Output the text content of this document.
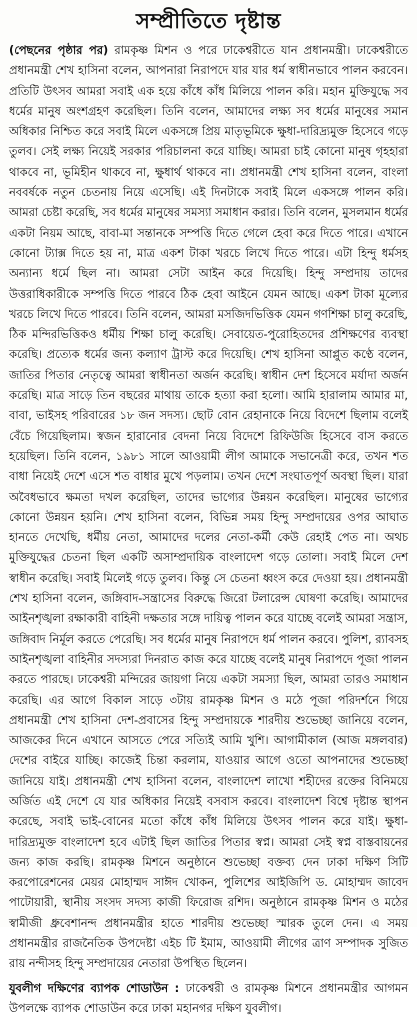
সম্প্রীতিতে দৃষ্টান্ত
(পেছনের পৃষ্ঠার পর) রামকৃষ্ণ মিশন ও পরে ঢাকেশ্বরীতে যান প্রধানমন্ত্রী। ঢাকেশ্বরীতে প্রধানমন্ত্রী শেখ হাসিনা বলেন, আপনারা নিরাপদে যার যার ধর্ম স্বাধীনভাবে পালন করবেন। প্রতিটি উৎসব আমরা সবাই এক হয়ে কাঁধে কাঁধ মিলিয়ে পালন করি। মহান মুক্তিযুদ্ধে সব ধর্মের মানুষ অংশগ্রহণ করেছিল। তিনি বলেন, আমাদের লক্ষ্য সব ধর্মের মানুষের সমান অধিকার নিশ্চিত করে সবাই মিলে একসঙ্গে প্রিয় মাতৃভূমিকে ক্ষুধা-দারিদ্র্যমুক্ত হিসেবে গড়ে তুলব। সেই লক্ষ্য নিয়েই সরকার পরিচালনা করে যাচ্ছি। আমরা চাই কোনো মানুষ গৃহহারা থাকবে না, ভূমিহীন থাকবে না, ক্ষুধার্থ থাকবে না। প্রধানমন্ত্রী শেখ হাসিনা বলেন, বাংলা নববর্ষকে নতুন চেতনায় নিয়ে এসেছি। এই দিনটাকে সবাই মিলে একসঙ্গে পালন করি। আমরা চেষ্টা করেছি, সব ধর্মের মানুষের সমস্যা সমাধান করার। তিনি বলেন, মুসলমান ধর্মের একটা নিয়ম আছে, বাবা-মা সন্তানকে সম্পত্তি দিতে গেলে হেবা করে দিতে পারে। এখানে কোনো ট্যাক্স দিতে হয় না, মাত্র একশ টাকা খরচে লিখে দিতে পারে। এটা হিন্দু ধর্মসহ অন্যান্য ধর্মে ছিল না। আমরা সেটা আইন করে দিয়েছি। হিন্দু সম্প্রদায় তাদের উত্তরাধিকারীকে সম্পত্তি দিতে পারবে ঠিক হেবা আইনে যেমন আছে। একশ টাকা মূল্যের খরচে লিখে দিতে পারবে। তিনি বলেন, আমরা মসজিদভিত্তিক যেমন গণশিক্ষা চালু করেছি, ঠিক মন্দিরভিত্তিকও ধর্মীয় শিক্ষা চালু করেছি। সেবায়েত-পুরোহিতদের প্রশিক্ষণের ব্যবস্থা করেছি। প্রত্যেক ধর্মের জন্য কল্যাণ ট্রাস্ট করে দিয়েছি। শেখ হাসিনা আপ্লুত কণ্ঠে বলেন, জাতির পিতার নেতৃত্বে আমরা স্বাধীনতা অর্জন করেছি। স্বাধীন দেশ হিসেবে মর্যাদা অর্জন করেছি। মাত্র সাড়ে তিন বছরের মাথায় তাকে হত্যা করা হলো। আমি হারালাম আমার মা, বাবা, ভাইসহ পরিবারের ১৮ জন সদস্য। ছোট বোন রেহানাকে নিয়ে বিদেশে ছিলাম বলেই বেঁচে গিয়েছিলাম। স্বজন হারানোর বেদনা নিয়ে বিদেশে রিফিউজি হিসেবে বাস করতে হয়েছিল। তিনি বলেন, ১৯৮১ সালে আওয়ামী লীগ আমাকে সভানেত্রী করে, তখন শত বাধা নিয়েই দেশে এসে শত বাধার মুখে পড়লাম। তখন দেশে সংঘাতপূর্ণ অবস্থা ছিল। যারা অবৈধভাবে ক্ষমতা দখল করেছিল, তাদের ভাগ্যের উন্নয়ন করেছিল। মানুষের ভাগ্যের কোনো উন্নয়ন হয়নি। শেখ হাসিনা বলেন, বিভিন্ন সময় হিন্দু সম্প্রদায়ের ওপর আঘাত হানতে দেখেছি, ধর্মীয় নেতা, আমাদের দলের নেতা-কর্মী কেউ রেহাই পেত না। অথচ মুক্তিযুদ্ধের চেতনা ছিল একটি অসাম্প্রদায়িক বাংলাদেশ গড়ে তোলা। সবাই মিলে দেশ স্বাধীন করেছি। সবাই মিলেই গড়ে তুলব। কিন্তু সে চেতনা ধ্বংস করে দেওয়া হয়। প্রধানমন্ত্রী শেখ হাসিনা বলেন, জঙ্গিবাদ-সন্ত্রাসের বিরুদ্ধে জিরো টলারেন্স ঘোষণা করেছি। আমাদের আইনশৃঙ্খলা রক্ষাকারী বাহিনী দক্ষতার সঙ্গে দায়িত্ব পালন করে যাচ্ছে বলেই আমরা সন্ত্রাস, জঙ্গিবাদ নির্মূল করতে পেরেছি। সব ধর্মের মানুষ নিরাপদে ধর্ম পালন করবে। পুলিশ, র‌্যাবসহ আইনশৃঙ্খলা বাহিনীর সদস্যরা দিনরাত কাজ করে যাচ্ছে বলেই মানুষ নিরাপদে পূজা পালন করতে পারছে। ঢাকেশ্বরী মন্দিরের জায়গা নিয়ে একটা সমস্যা ছিল, আমরা তারও সমাধান করেছি। এর আগে বিকাল সাড়ে ৩টায় রামকৃষ্ণ মিশন ও মঠে পূজা পরিদর্শনে গিয়ে প্রধানমন্ত্রী শেখ হাসিনা দেশ-প্রবাসের হিন্দু সম্প্রদায়কে শারদীয় শুভেচ্ছা জানিয়ে বলেন, আজকের দিনে এখানে আসতে পেরে সত্যিই আমি খুশি। আগামীকাল (আজ মঙ্গলবার) দেশের বাইরে যাচ্ছি। কাজেই চিন্তা করলাম, যাওয়ার আগে ওতো আপনাদের শুভেচ্ছা জানিয়ে যাই। প্রধানমন্ত্রী শেখ হাসিনা বলেন, বাংলাদেশ লাখো শহীদের রক্তের বিনিময়ে অর্জিত এই দেশে যে যার অধিকার নিয়েই বসবাস করবে। বাংলাদেশ বিশ্বে দৃষ্টান্ত স্থাপন করেছে, সবাই ভাই-বোনের মতো কাঁধে কাঁধ মিলিয়ে উৎসব পালন করে যাই। ক্ষুধা-দারিদ্র্যমুক্ত বাংলাদেশ হবে এটাই ছিল জাতির পিতার স্বপ্ন। আমরা সেই স্বপ্ন বাস্তবায়নের জন্য কাজ করছি। রামকৃষ্ণ মিশনে অনুষ্ঠানে শুভেচ্ছা বক্তব্য দেন ঢাকা দক্ষিণ সিটি করপোরেশনের মেয়র মোহাম্মদ সাঈদ খোকন, পুলিশের আইজিপি ড. মোহাম্মদ জাবেদ পাটোয়ারী, স্থানীয় সংসদ সদস্য কাজী ফিরোজ রশিদ। অনুষ্ঠানে রামকৃষ্ণ মিশন ও মঠের স্বামীজী ধ্রুবেশানন্দ প্রধানমন্ত্রীর হাতে শারদীয় শুভেচ্ছা স্মারক তুলে দেন। এ সময় প্রধানমন্ত্রীর রাজনৈতিক উপদেষ্টা এইচ টি ইমাম, আওয়ামী লীগের ত্রাণ সম্পাদক সুজিত রায় নন্দীসহ হিন্দু সম্প্রদায়ের নেতারা উপস্থিত ছিলেন।
যুবলীগ দক্ষিণের ব্যাপক শোডাউন : ঢাকেশ্বরী ও রামকৃষ্ণ মিশনে প্রধানমন্ত্রীর আগমন উপলক্ষে ব্যাপক শোডাউন করে ঢাকা মহানগর দক্ষিণ যুবলীগ।
